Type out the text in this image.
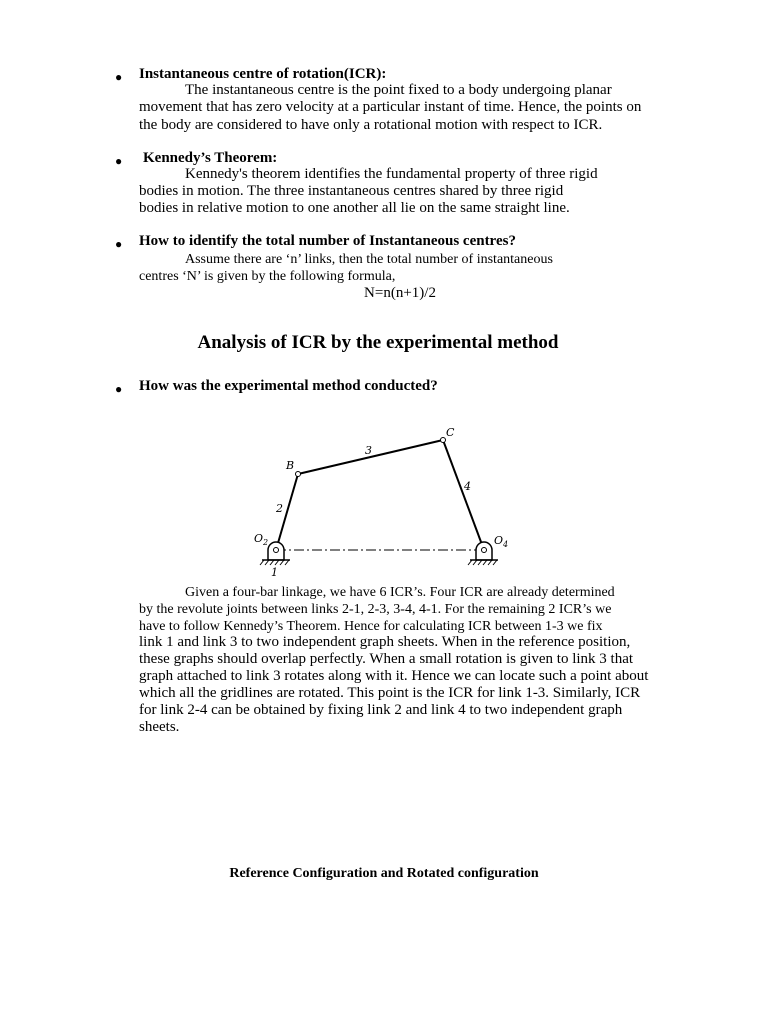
● Instantaneous centre of rotation(ICR):
The instantaneous centre is the point fixed to a body undergoing planar
movement that has zero velocity at a particular instant of time. Hence, the points on
the body are considered to have only a rotational motion with respect to ICR.
● Kennedy’s Theorem:
Kennedy's theorem identifies the fundamental property of three rigid
bodies in motion. The three instantaneous centres shared by three rigid
bodies in relative motion to one another all lie on the same straight line.
● How to identify the total number of Instantaneous centres?
Assume there are ‘n’ links, then the total number of instantaneous
centres ‘N’ is given by the following formula,
N=n(n+1)/2
Analysis of ICR by the experimental method
● How was the experimental method conducted?
B
C
3
2
4
1
$O_2$	$O_4$
Given a four-bar linkage, we have 6 ICR’s. Four ICR are already determined
by the revolute joints between links 2-1, 2-3, 3-4, 4-1. For the remaining 2 ICR’s we
have to follow Kennedy’s Theorem. Hence for calculating ICR between 1-3 we fix
link 1 and link 3 to two independent graph sheets. When in the reference position,
these graphs should overlap perfectly. When a small rotation is given to link 3 that
graph attached to link 3 rotates along with it. Hence we can locate such a point about
which all the gridlines are rotated. This point is the ICR for link 1-3. Similarly, ICR
for link 2-4 can be obtained by fixing link 2 and link 4 to two independent graph
sheets.
Reference Configuration and Rotated configuration
